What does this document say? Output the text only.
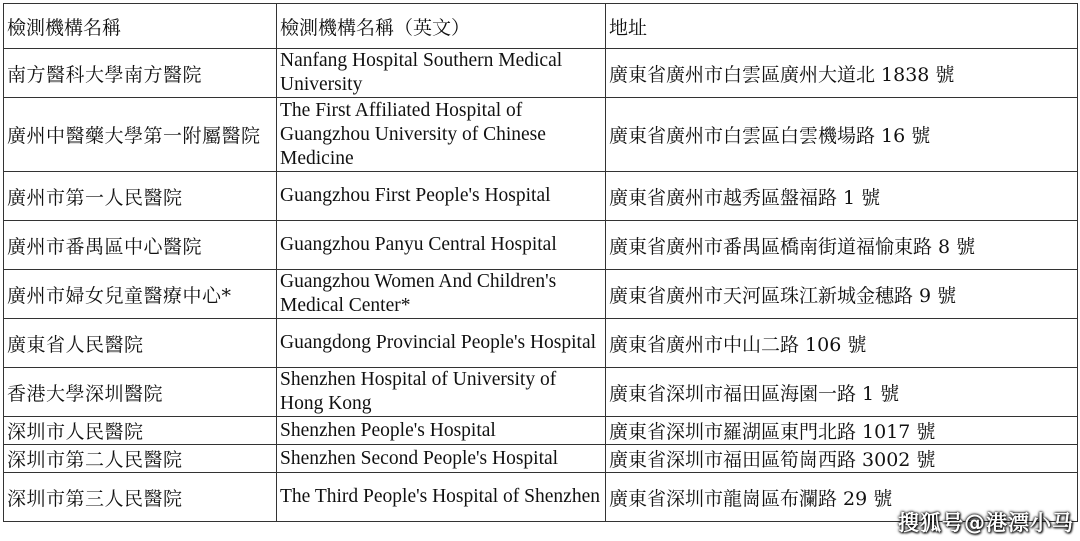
檢測機構名稱	檢測機構名稱（英文）	地址
南方醫科大學南方醫院	Nanfang Hospital Southern Medical University	廣東省廣州市白雲區廣州大道北 1838 號
廣州中醫藥大學第一附屬醫院	The First Affiliated Hospital of Guangzhou University of Chinese Medicine	廣東省廣州市白雲區白雲機場路 16 號
廣州市第一人民醫院	Guangzhou First People's Hospital	廣東省廣州市越秀區盤福路 1 號
廣州市番禺區中心醫院	Guangzhou Panyu Central Hospital	廣東省廣州市番禺區橋南街道福愉東路 8 號
廣州市婦女兒童醫療中心*	Guangzhou Women And Children's Medical Center*	廣東省廣州市天河區珠江新城金穗路 9 號
廣東省人民醫院	Guangdong Provincial People's Hospital	廣東省廣州市中山二路 106 號
香港大學深圳醫院	Shenzhen Hospital of University of Hong Kong	廣東省深圳市福田區海園一路 1 號
深圳市人民醫院	Shenzhen People's Hospital	廣東省深圳市羅湖區東門北路 1017 號
深圳市第二人民醫院	Shenzhen Second People's Hospital	廣東省深圳市福田區筍崗西路 3002 號
深圳市第三人民醫院	The Third People's Hospital of Shenzhen	廣東省深圳市龍崗區布瀾路 29 號
搜狐号@港漂小马
